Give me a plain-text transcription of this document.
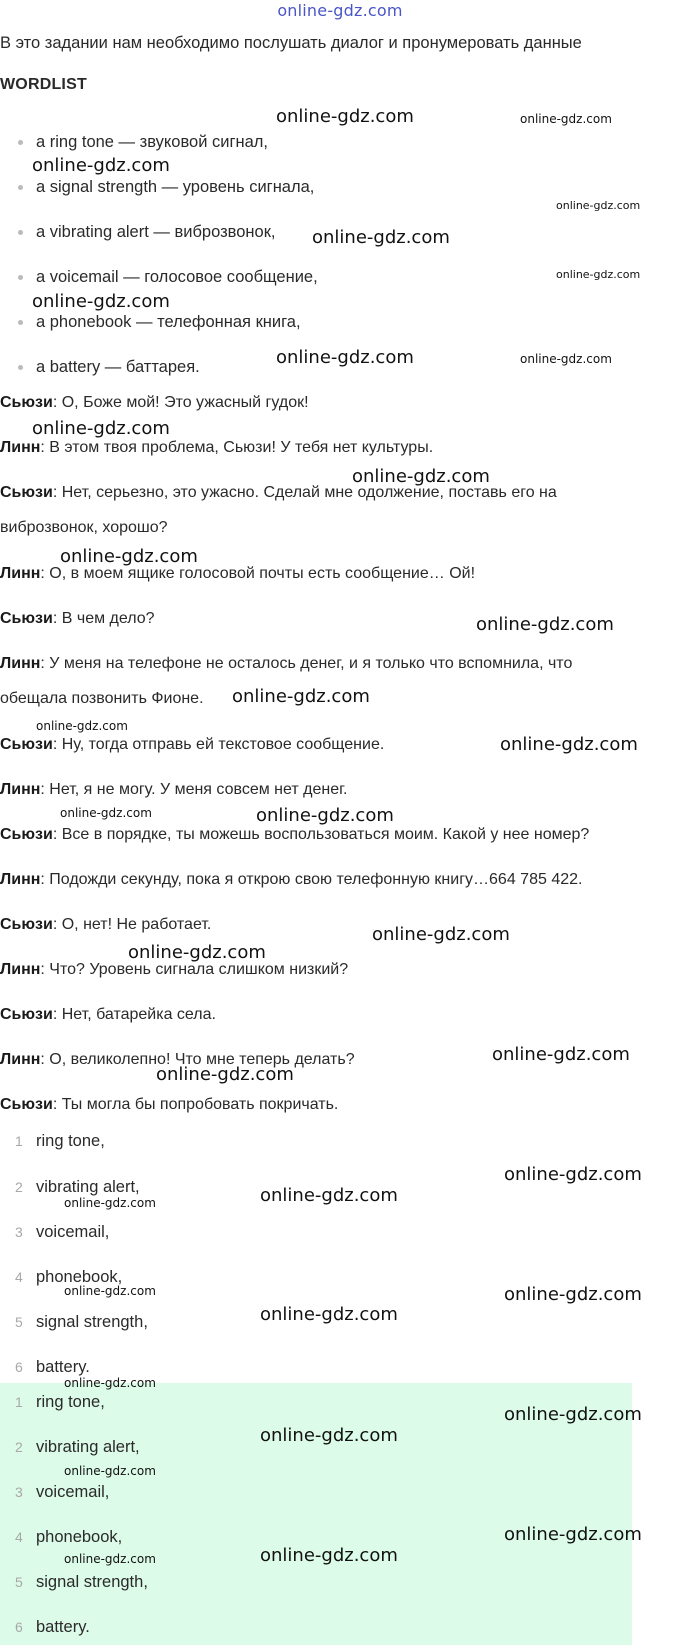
online-gdz.com
В это задании нам необходимо послушать диалог и пронумеровать данные
WORDLIST
a ring tone — звуковой сигнал,
a signal strength — уровень сигнала,
a vibrating alert — виброзвонок,
a voicemail — голосовое сообщение,
a phonebook — телефонная книга,
a battery — баттарея.
Сьюзи: О, Боже мой! Это ужасный гудок!
Линн: В этом твоя проблема, Сьюзи! У тебя нет культуры.
Сьюзи: Нет, серьезно, это ужасно. Сделай мне одолжение, поставь его на
виброзвонок, хорошо?
Линн: О, в моем ящике голосовой почты есть сообщение… Ой!
Сьюзи: В чем дело?
Линн: У меня на телефоне не осталось денег, и я только что вспомнила, что
обещала позвонить Фионе.
Сьюзи: Ну, тогда отправь ей текстовое сообщение.
Линн: Нет, я не могу. У меня совсем нет денег.
Сьюзи: Все в порядке, ты можешь воспользоваться моим. Какой у нее номер?
Линн: Подожди секунду, пока я открою свою телефонную книгу…664 785 422.
Сьюзи: О, нет! Не работает.
Линн: Что? Уровень сигнала слишком низкий?
Сьюзи: Нет, батарейка села.
Линн: О, великолепно! Что мне теперь делать?
Сьюзи: Ты могла бы попробовать покричать.
1 ring tone,
2 vibrating alert,
3 voicemail,
4 phonebook,
5 signal strength,
6 battery.
1 ring tone,
2 vibrating alert,
3 voicemail,
4 phonebook,
5 signal strength,
6 battery.
online-gdz.com	online-gdz.com
online-gdz.com
online-gdz.com
online-gdz.com
online-gdz.com
online-gdz.com
online-gdz.com	online-gdz.com
online-gdz.com
online-gdz.com
online-gdz.com
online-gdz.com
online-gdz.com
online-gdz.com
online-gdz.com
online-gdz.com	online-gdz.com
online-gdz.com
online-gdz.com
online-gdz.com
online-gdz.com
online-gdz.com
online-gdz.com
online-gdz.com
online-gdz.com	online-gdz.com
online-gdz.com
online-gdz.com
online-gdz.com
online-gdz.com
online-gdz.com
online-gdz.com
online-gdz.com	online-gdz.com
